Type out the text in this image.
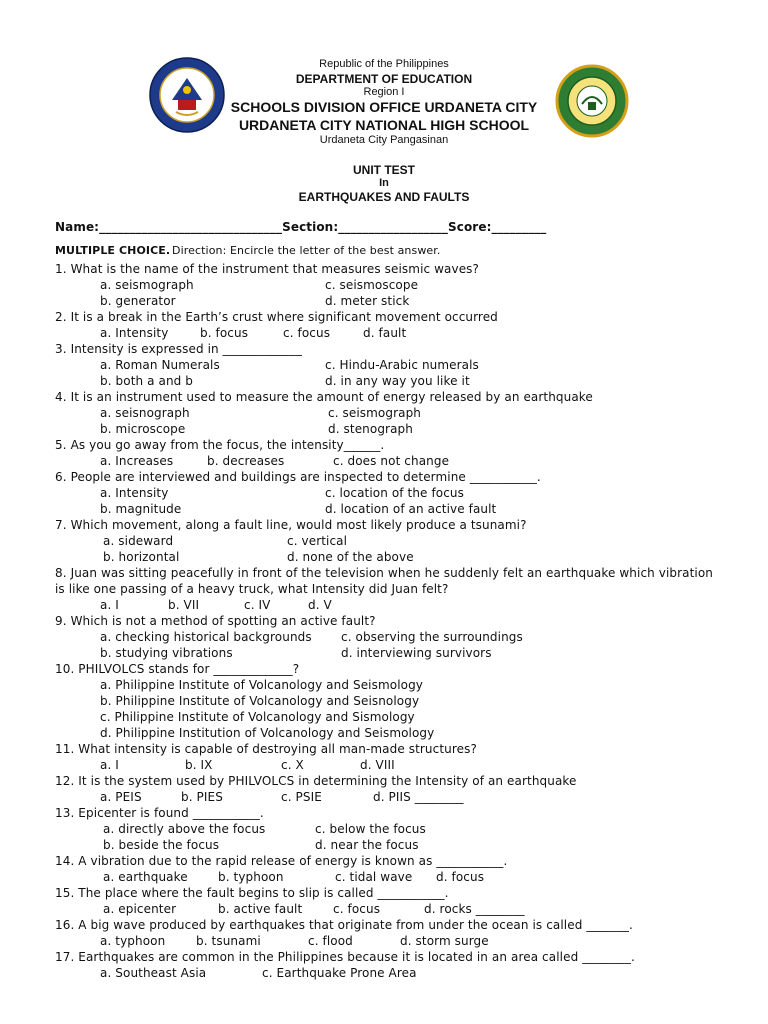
Republic of the Philippines
DEPARTMENT OF EDUCATION
Region I
SCHOOLS DIVISION OFFICE URDANETA CITY
URDANETA CITY NATIONAL HIGH SCHOOL
Urdaneta City Pangasinan
UNIT TEST
In
EARTHQUAKES AND FAULTS
Name:______________________________Section:__________________Score:_________
MULTIPLE CHOICE. Direction: Encircle the letter of the best answer.
1. What is the name of the instrument that measures seismic waves?
a. seismograph	c. seismoscope
b. generator	d. meter stick
2. It is a break in the Earth’s crust where significant movement occurred
a. Intensity	b. focus	c. focus	d. fault
3. Intensity is expressed in _____________
a. Roman Numerals	c. Hindu-Arabic numerals
b. both a and b	d. in any way you like it
4. It is an instrument used to measure the amount of energy released by an earthquake
a. seisnograph	c. seismograph
b. microscope	d. stenograph
5. As you go away from the focus, the intensity______.
a. Increases	b. decreases	c. does not change
6. People are interviewed and buildings are inspected to determine ___________.
a. Intensity	c. location of the focus
b. magnitude	d. location of an active fault
7. Which movement, along a fault line, would most likely produce a tsunami?
a. sideward	c. vertical
b. horizontal	d. none of the above
8. Juan was sitting peacefully in front of the television when he suddenly felt an earthquake which vibration
is like one passing of a heavy truck, what Intensity did Juan felt?
a. I	b. VII	c. IV	d. V
9. Which is not a method of spotting an active fault?
a. checking historical backgrounds c. observing the surroundings
b. studying vibrations	d. interviewing survivors
10. PHILVOLCS stands for _____________?
a. Philippine Institute of Volcanology and Seismology
b. Philippine Institute of Volcanology and Seisnology
c. Philippine Institute of Volcanology and Sismology
d. Philippine Institution of Volcanology and Seismology
11. What intensity is capable of destroying all man-made structures?
a. I	b. IX	c. X	d. VIII
12. It is the system used by PHILVOLCS in determining the Intensity of an earthquake
a. PEIS	b. PIES	c. PSIE	d. PIIS ________
13. Epicenter is found ___________.
a. directly above the focus	c. below the focus
b. beside the focus	d. near the focus
14. A vibration due to the rapid release of energy is known as ___________.
a. earthquake	b. typhoon	c. tidal wave d. focus
15. The place where the fault begins to slip is called ___________.
a. epicenter	b. active fault	c. focus	d. rocks ________
16. A big wave produced by earthquakes that originate from under the ocean is called _______.
a. typhoon	b. tsunami	c. flood	d. storm surge
17. Earthquakes are common in the Philippines because it is located in an area called ________.
a. Southeast Asia	c. Earthquake Prone Area
